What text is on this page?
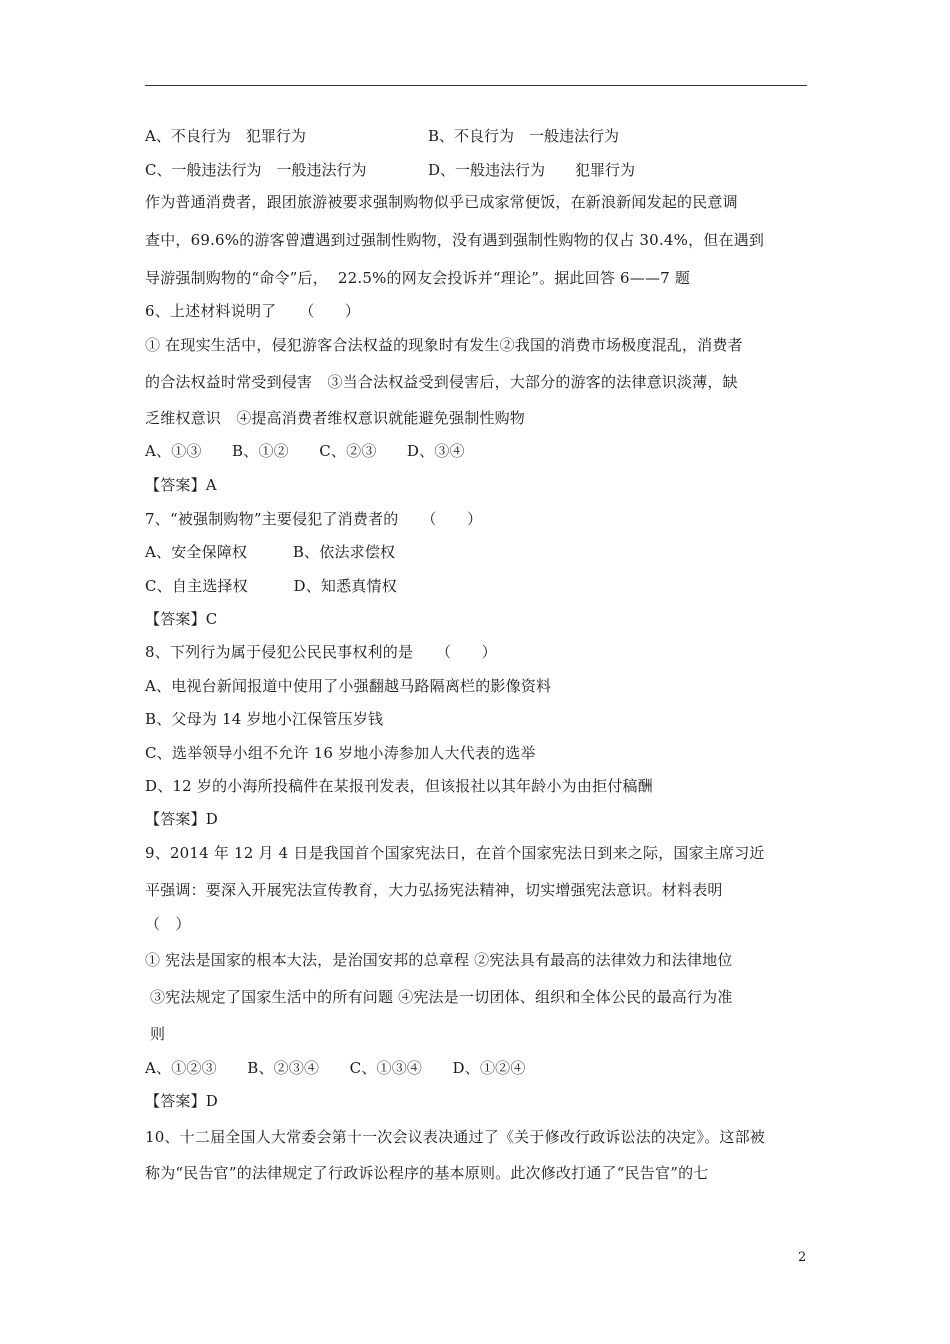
A、不良行为　犯罪行为	B、不良行为　一般违法行为
C、一般违法行为　一般违法行为	D、一般违法行为　　犯罪行为
作为普通消费者，跟团旅游被要求强制购物似乎已成家常便饭，在新浪新闻发起的民意调
查中，69.6%的游客曾遭遇到过强制性购物，没有遇到强制性购物的仅占 30.4%，但在遇到
导游强制购物的“命令”后，  22.5%的网友会投诉并“理论”。据此回答 6——7 题
6、上述材料说明了　　（　　）
① 在现实生活中，侵犯游客合法权益的现象时有发生②我国的消费市场极度混乱，消费者
的合法权益时常受到侵害　③当合法权益受到侵害后，大部分的游客的法律意识淡薄，缺
乏维权意识　④提高消费者维权意识就能避免强制性购物
A、①③　　B、①②　　C、②③　　D、③④
【答案】A
7、“被强制购物”主要侵犯了消费者的　　（　　）
A、安全保障权　　　B、依法求偿权
C、自主选择权　　　D、知悉真情权
【答案】C
8、下列行为属于侵犯公民民事权利的是　　（　　）
A、电视台新闻报道中使用了小强翻越马路隔离栏的影像资料
B、父母为 14 岁地小江保管压岁钱
C、选举领导小组不允许 16 岁地小涛参加人大代表的选举
D、12 岁的小海所投稿件在某报刊发表，但该报社以其年龄小为由拒付稿酬
【答案】D
9、2014 年 12 月 4 日是我国首个国家宪法日，在首个国家宪法日到来之际，国家主席习近
平强调：要深入开展宪法宣传教育，大力弘扬宪法精神，切实增强宪法意识。材料表明
（　）
① 宪法是国家的根本大法，是治国安邦的总章程 ②宪法具有最高的法律效力和法律地位
③宪法规定了国家生活中的所有问题 ④宪法是一切团体、组织和全体公民的最高行为准
则
A、①②③　　B、②③④　　C、①③④　　D、①②④
【答案】D
10、十二届全国人大常委会第十一次会议表决通过了《关于修改行政诉讼法的决定》。这部被
称为“民告官”的法律规定了行政诉讼程序的基本原则。此次修改打通了“民告官”的七
2
